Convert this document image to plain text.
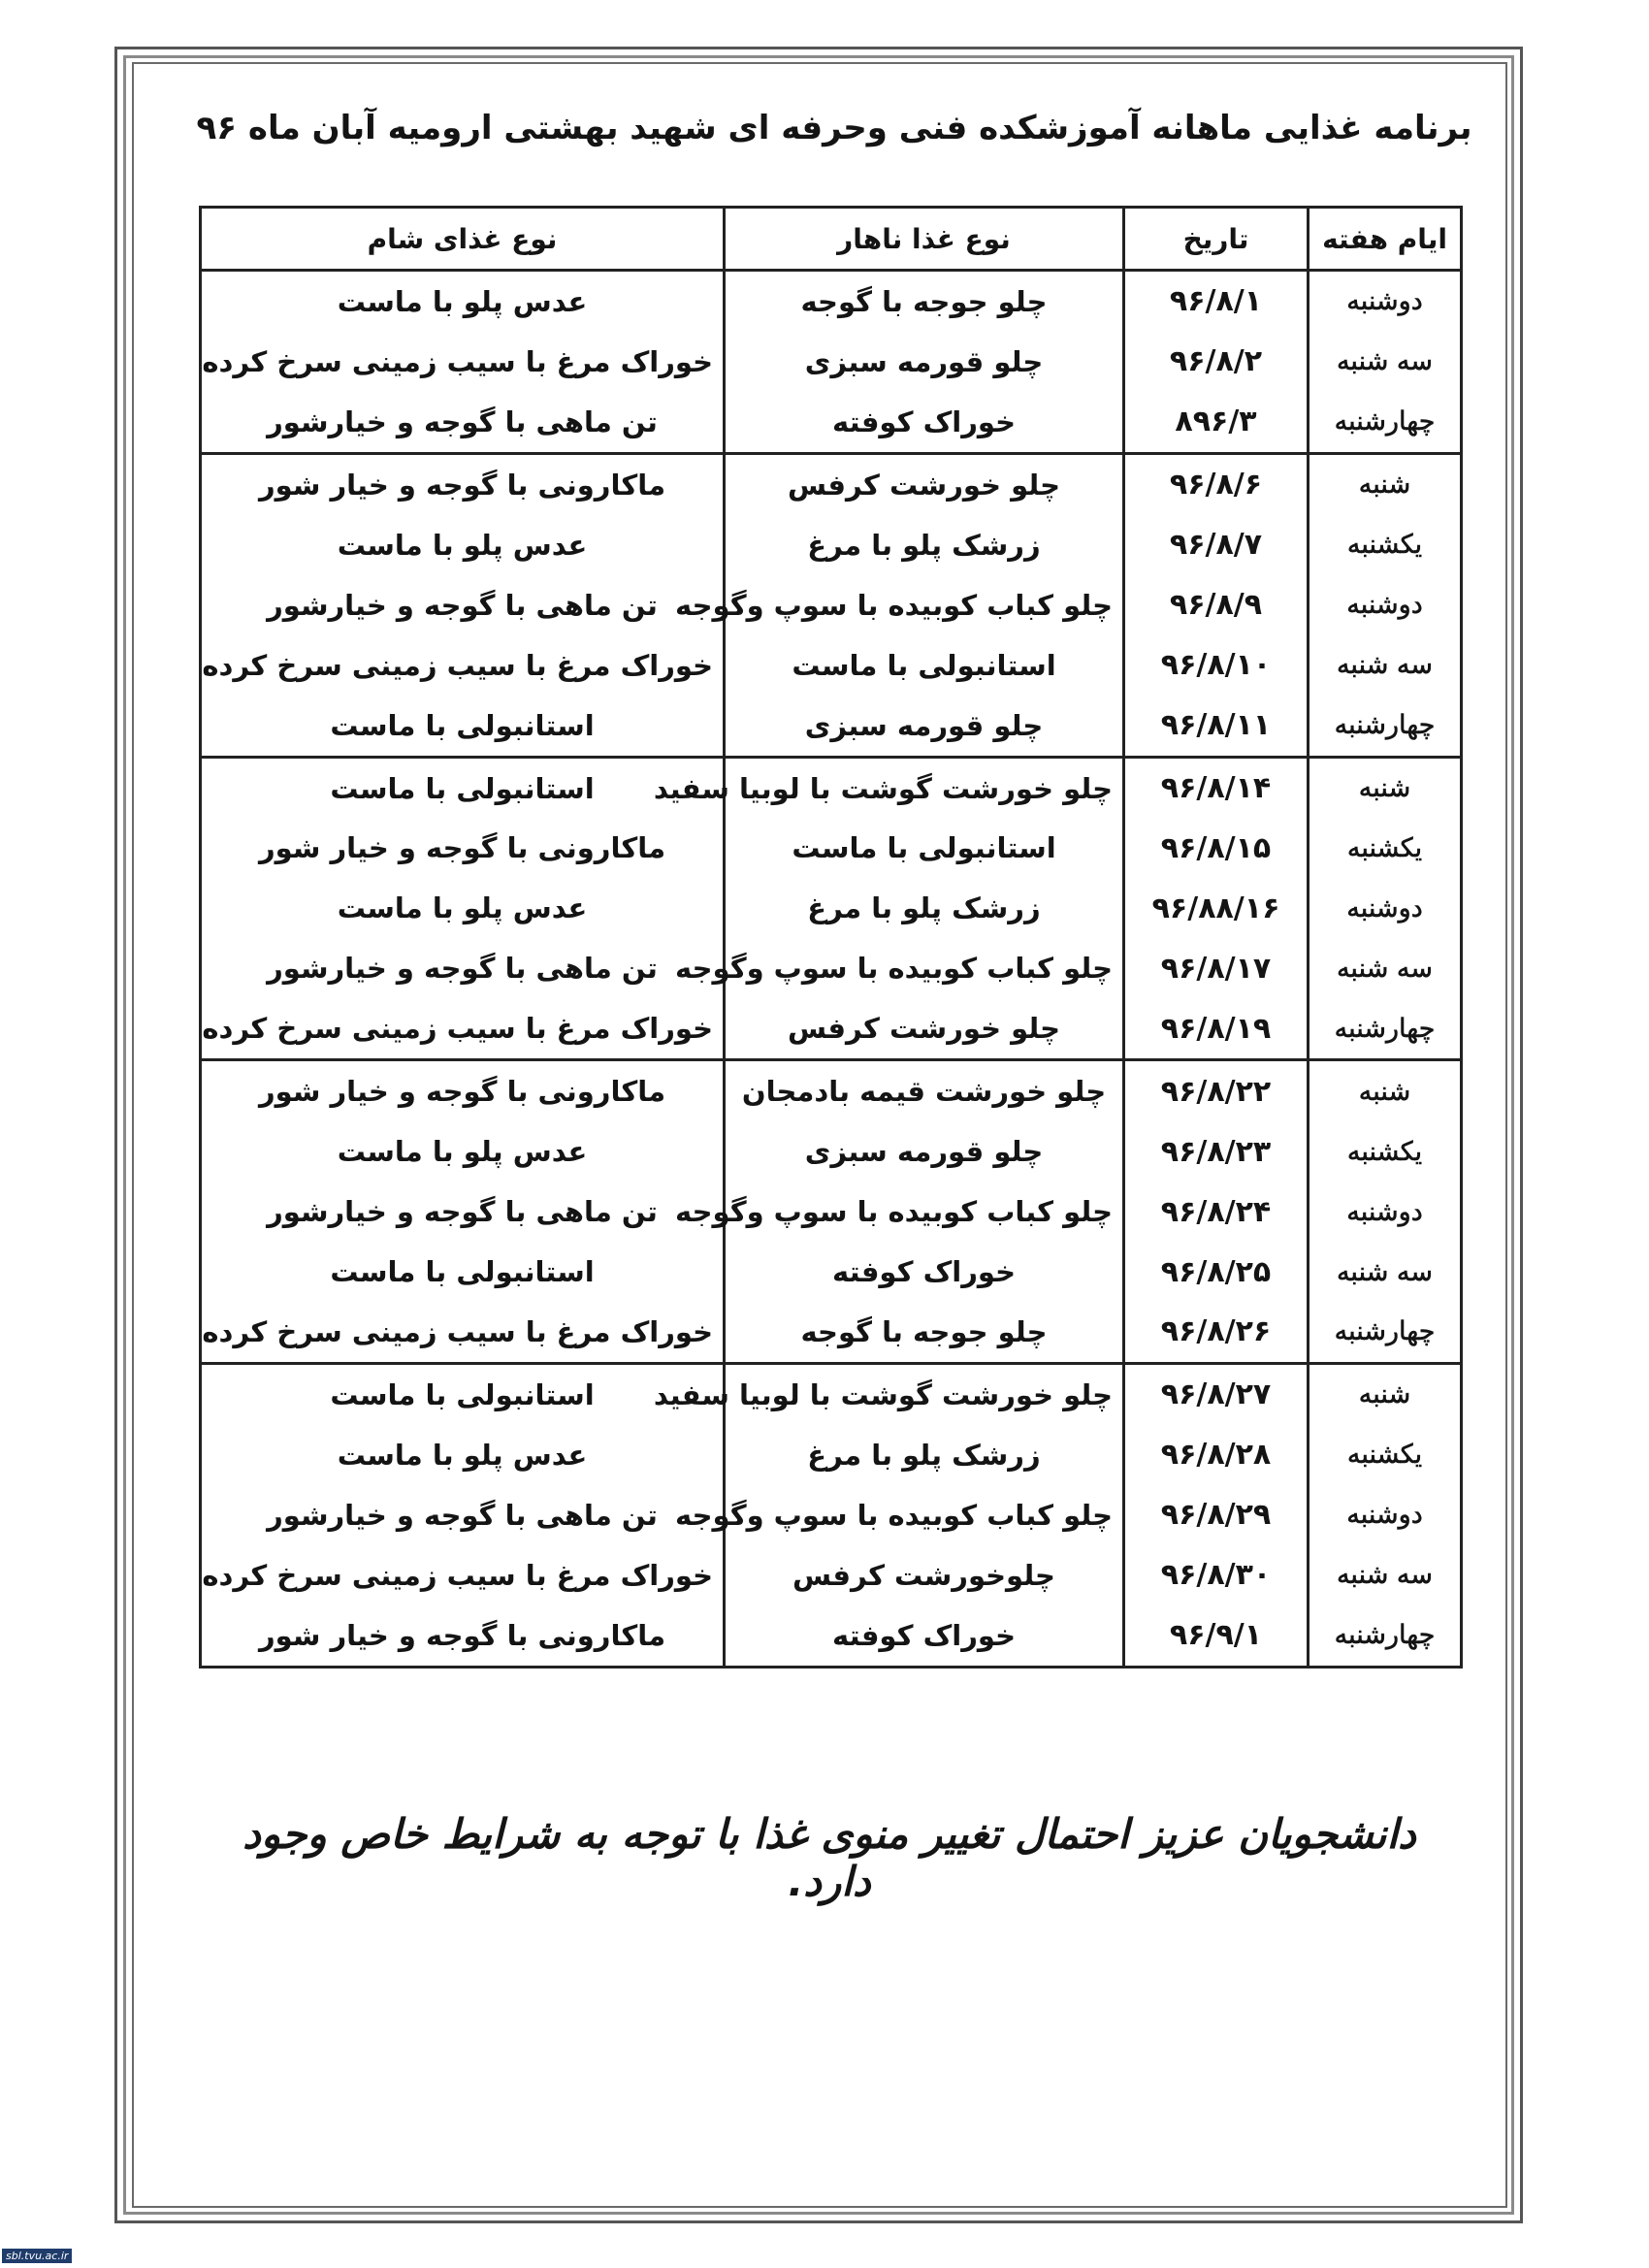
برنامه غذایی ماهانه آموزشکده فنی وحرفه ای شهید بهشتی ارومیه آبان ماه ۹۶
ایام هفته	تاریخ	نوع غذا ناهار	نوع غذای شام
دوشنبه	۹۶/۸/۱	چلو جوجه با گوجه	عدس پلو با ماست
سه شنبه	۹۶/۸/۲	چلو قورمه سبزی	خوراک مرغ با سیب زمینی سرخ کرده
چهارشنبه	۸۹۶/۳	خوراک کوفته	تن ماهی با گوجه و خیارشور
شنبه	۹۶/۸/۶	چلو خورشت کرفس	ماکارونی با گوجه و خیار شور
یکشنبه	۹۶/۸/۷	زرشک پلو با مرغ	عدس پلو با ماست
دوشنبه	۹۶/۸/۹	چلو کباب کوبیده با سوپ وگوجه	تن ماهی با گوجه و خیارشور
سه شنبه	۹۶/۸/۱۰	استانبولی با ماست	خوراک مرغ با سیب زمینی سرخ کرده
چهارشنبه	۹۶/۸/۱۱	چلو قورمه سبزی	استانبولی با ماست
شنبه	۹۶/۸/۱۴	چلو خورشت گوشت با لوبیا سفید	استانبولی با ماست
یکشنبه	۹۶/۸/۱۵	استانبولی با ماست	ماکارونی با گوجه و خیار شور
دوشنبه	۹۶/۸۸/۱۶	زرشک پلو با مرغ	عدس پلو با ماست
سه شنبه	۹۶/۸/۱۷	چلو کباب کوبیده با سوپ وگوجه	تن ماهی با گوجه و خیارشور
چهارشنبه	۹۶/۸/۱۹	چلو خورشت کرفس	خوراک مرغ با سیب زمینی سرخ کرده
شنبه	۹۶/۸/۲۲	چلو خورشت قیمه بادمجان	ماکارونی با گوجه و خیار شور
یکشنبه	۹۶/۸/۲۳	چلو قورمه سبزی	عدس پلو با ماست
دوشنبه	۹۶/۸/۲۴	چلو کباب کوبیده با سوپ وگوجه	تن ماهی با گوجه و خیارشور
سه شنبه	۹۶/۸/۲۵	خوراک کوفته	استانبولی با ماست
چهارشنبه	۹۶/۸/۲۶	چلو جوجه با گوجه	خوراک مرغ با سیب زمینی سرخ کرده
شنبه	۹۶/۸/۲۷	چلو خورشت گوشت با لوبیا سفید	استانبولی با ماست
یکشنبه	۹۶/۸/۲۸	زرشک پلو با مرغ	عدس پلو با ماست
دوشنبه	۹۶/۸/۲۹	چلو کباب کوبیده با سوپ وگوجه	تن ماهی با گوجه و خیارشور
سه شنبه	۹۶/۸/۳۰	چلوخورشت کرفس	خوراک مرغ با سیب زمینی سرخ کرده
چهارشنبه	۹۶/۹/۱	خوراک کوفته	ماکارونی با گوجه و خیار شور
دانشجویان عزیز احتمال تغییر منوی غذا با توجه به شرایط خاص وجود دارد.
sbl.tvu.ac.ir
